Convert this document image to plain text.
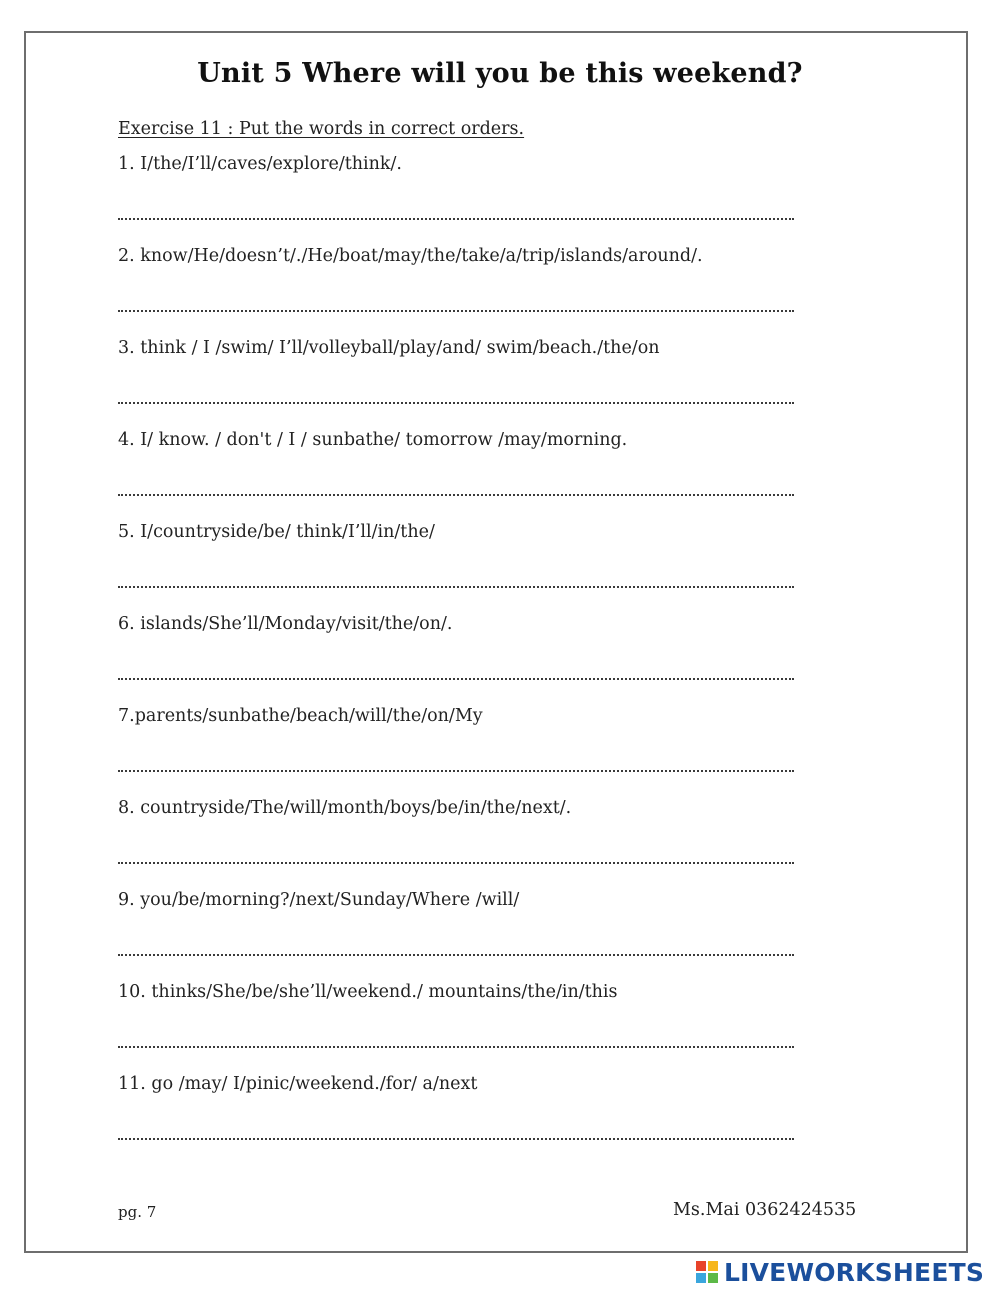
Unit 5 Where will you be this weekend?
Exercise 11 : Put the words in correct orders.
1. I/the/I’ll/caves/explore/think/.
2. know/He/doesn’t/./He/boat/may/the/take/a/trip/islands/around/.
3. think / I /swim/ I’ll/volleyball/play/and/ swim/beach./the/on
4. I/ know. / don't / I / sunbathe/ tomorrow /may/morning.
5. I/countryside/be/ think/I’ll/in/the/
6. islands/She’ll/Monday/visit/the/on/.
7.parents/sunbathe/beach/will/the/on/My
8. countryside/The/will/month/boys/be/in/the/next/.
9. you/be/morning?/next/Sunday/Where /will/
10. thinks/She/be/she’ll/weekend./ mountains/the/in/this
11. go /may/ I/pinic/weekend./for/ a/next
pg. 7	Ms.Mai 0362424535
LIVEWORKSHEETS
